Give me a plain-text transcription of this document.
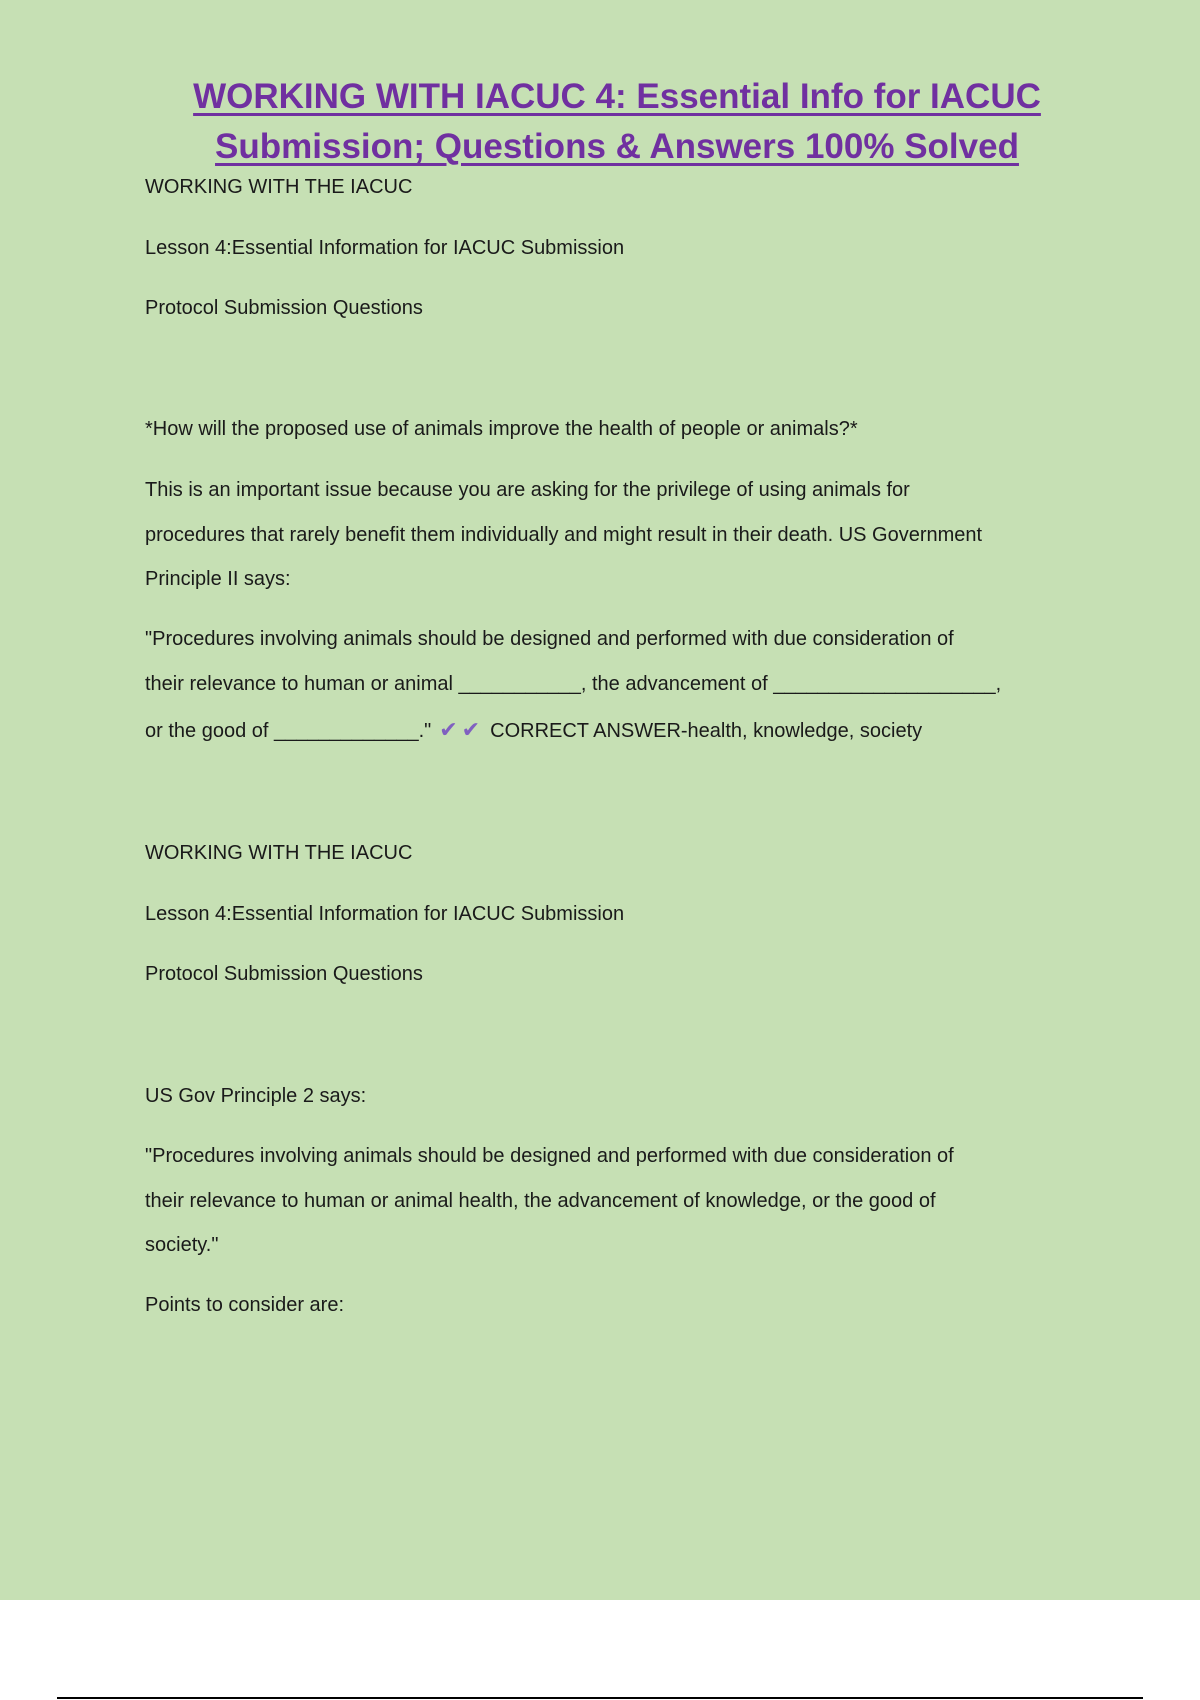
WORKING WITH IACUC 4: Essential Info for IACUC
Submission; Questions & Answers 100% Solved

WORKING WITH THE IACUC

Lesson 4:Essential Information for IACUC Submission

Protocol Submission Questions

*How will the proposed use of animals improve the health of people or animals?*

This is an important issue because you are asking for the privilege of using animals for

procedures that rarely benefit them individually and might result in their death. US Government

Principle II says:

"Procedures involving animals should be designed and performed with due consideration of

their relevance to human or animal ___________, the advancement of ____________________,

or the good of _____________." ✔✔ CORRECT ANSWER-health, knowledge, society

WORKING WITH THE IACUC

Lesson 4:Essential Information for IACUC Submission

Protocol Submission Questions

US Gov Principle 2 says:

"Procedures involving animals should be designed and performed with due consideration of

their relevance to human or animal health, the advancement of knowledge, or the good of

society."

Points to consider are:
